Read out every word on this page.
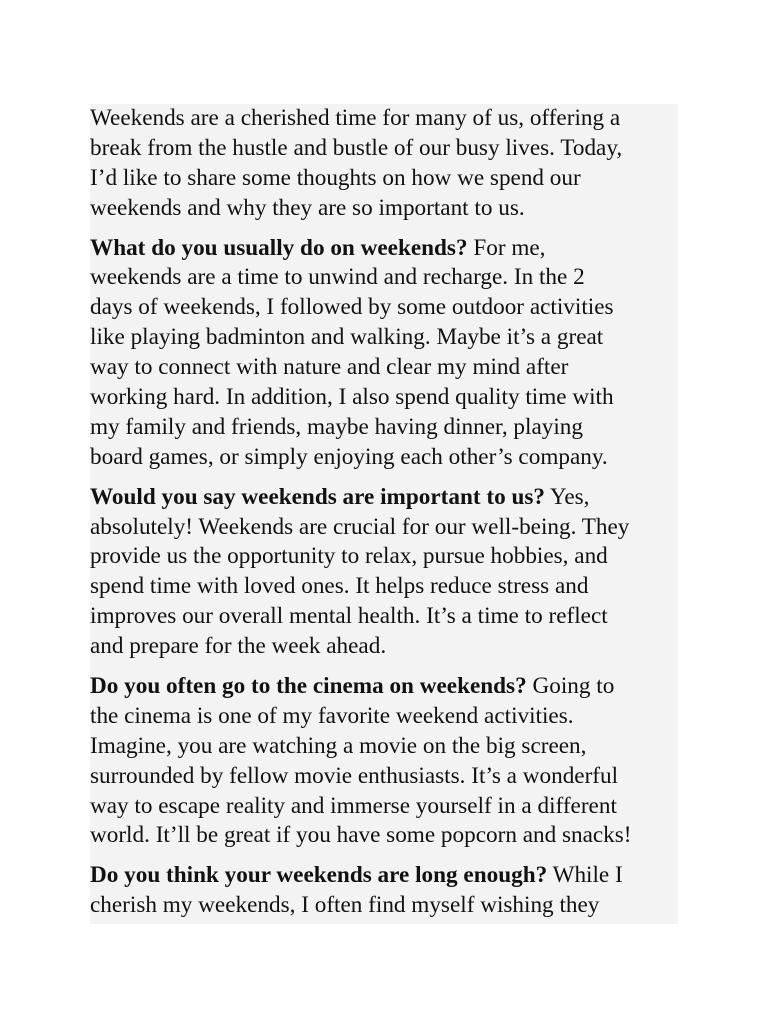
Weekends are a cherished time for many of us, offering a
break from the hustle and bustle of our busy lives. Today,
I’d like to share some thoughts on how we spend our
weekends and why they are so important to us.

What do you usually do on weekends? For me,
weekends are a time to unwind and recharge. In the 2
days of weekends, I followed by some outdoor activities
like playing badminton and walking. Maybe it’s a great
way to connect with nature and clear my mind after
working hard. In addition, I also spend quality time with
my family and friends, maybe having dinner, playing
board games, or simply enjoying each other’s company.

Would you say weekends are important to us? Yes,
absolutely! Weekends are crucial for our well-being. They
provide us the opportunity to relax, pursue hobbies, and
spend time with loved ones. It helps reduce stress and
improves our overall mental health. It’s a time to reflect
and prepare for the week ahead.

Do you often go to the cinema on weekends? Going to
the cinema is one of my favorite weekend activities.
Imagine, you are watching a movie on the big screen,
surrounded by fellow movie enthusiasts. It’s a wonderful
way to escape reality and immerse yourself in a different
world. It’ll be great if you have some popcorn and snacks!

Do you think your weekends are long enough? While I
cherish my weekends, I often find myself wishing they
